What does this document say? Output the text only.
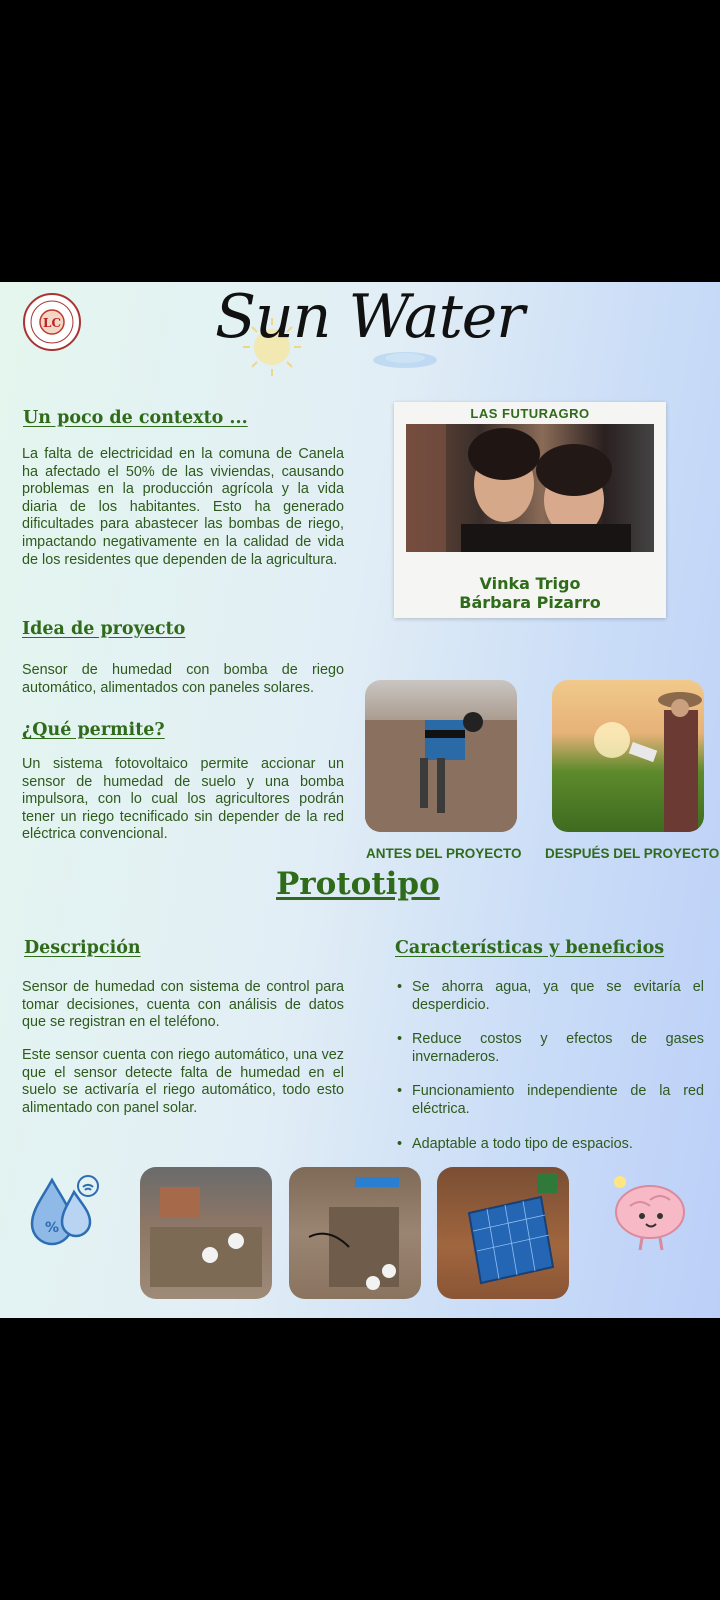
LC	Sun Water
Un poco de contexto ...
La falta de electricidad en la comuna de Canela ha afectado el 50% de las viviendas, causando problemas en la producción agrícola y la vida diaria de los habitantes. Esto ha generado dificultades para abastecer las bombas de riego, impactando negativamente en la calidad de vida de los residentes que dependen de la agricultura.
LAS FUTURAGRO
Vinka Trigo
Bárbara Pizarro
Idea de proyecto
Sensor de humedad con bomba de riego automático, alimentados con paneles solares.
¿Qué permite?
Un sistema fotovoltaico permite accionar un sensor de humedad de suelo y una bomba impulsora, con lo cual los agricultores podrán tener un riego tecnificado sin depender de la red eléctrica convencional.
ANTES DEL PROYECTO DESPUÉS DEL PROYECTO
Prototipo
Descripción	Características y beneficios
Sensor de humedad con sistema de control para tomar decisiones, cuenta con análisis de datos que se registran en el teléfono.
Este sensor cuenta con riego automático, una vez que el sensor detecte falta de humedad en el suelo se activaría el riego automático, todo esto alimentado con panel solar.
• Se ahorra agua, ya que se evitaría el desperdicio.
• Reduce costos y efectos de gases invernaderos.
• Funcionamiento independiente de la red eléctrica.
• Adaptable a todo tipo de espacios.
%
